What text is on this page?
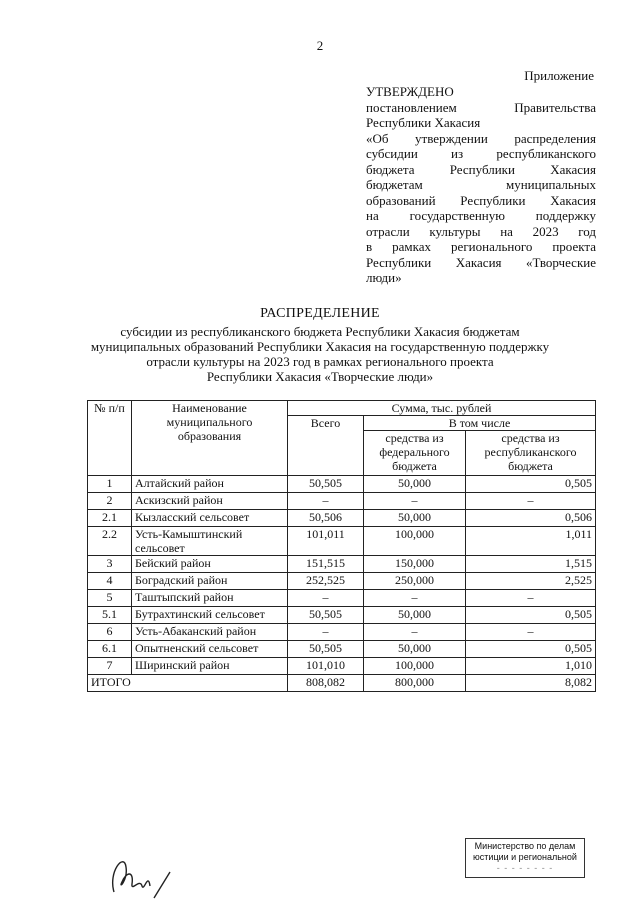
2
Приложение
УТВЕРЖДЕНО
постановлением Правительства
Республики Хакасия
«Об утверждении распределения
субсидии из республиканского
бюджета Республики Хакасия
бюджетам муниципальных
образований Республики Хакасия
на государственную поддержку
отрасли культуры на 2023 год
в рамках регионального проекта
Республики Хакасия «Творческие
люди»
РАСПРЕДЕЛЕНИЕ
субсидии из республиканского бюджета Республики Хакасия бюджетам
муниципальных образований Республики Хакасия на государственную поддержку
отрасли культуры на 2023 год в рамках регионального проекта
Республики Хакасия «Творческие люди»
№ п/п	Наименование муниципального образования	Сумма, тыс. рублей		
		Всего	В том числе	
			средства из федерального бюджета	средства из республиканского бюджета
1	Алтайский район	50,505	50,000	0,505
2	Аскизский район	–	–	–
2.1	Кызласский сельсовет	50,506	50,000	0,506
2.2	Усть-Камыштинский сельсовет	101,011	100,000	1,011
3	Бейский район	151,515	150,000	1,515
4	Боградский район	252,525	250,000	2,525
5	Таштыпский район	–	–	–
5.1	Бутрахтинский сельсовет	50,505	50,000	0,505
6	Усть-Абаканский район	–	–	–
6.1	Опытненский сельсовет	50,505	50,000	0,505
7	Ширинский район	101,010	100,000	1,010
ИТОГО		808,082	800,000	8,082
Министерство по делам
юстиции и региональной
- - - - - - - -
